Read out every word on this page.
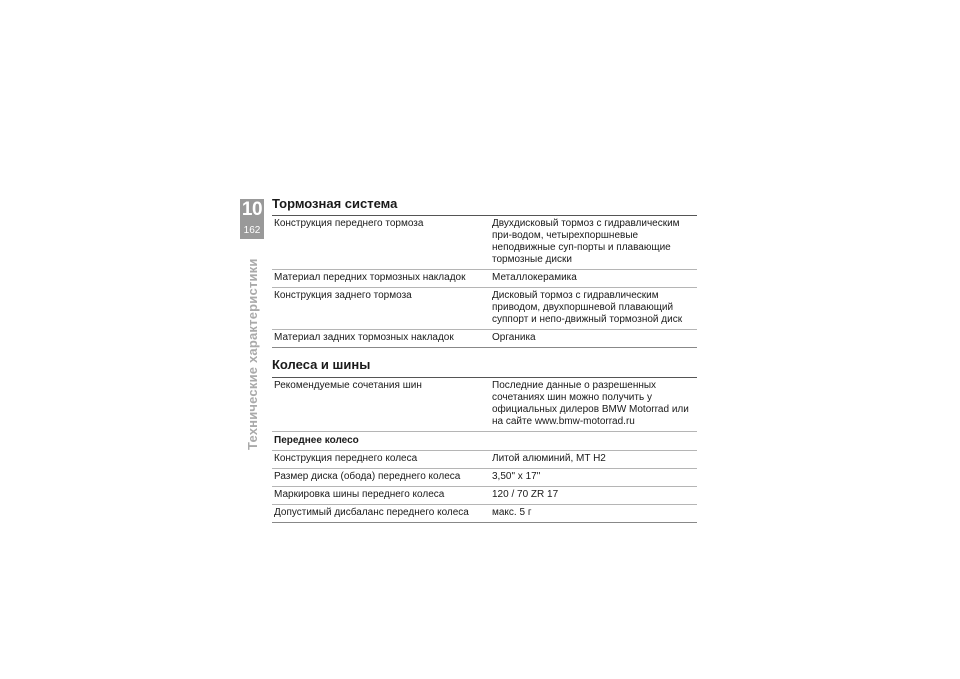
10
162
Технические характеристики
Тормозная система
Конструкция переднего тормоза	Двухдисковый тормоз с гидравлическим при-водом, четырехпоршневые неподвижные суп-порты и плавающие тормозные диски
Материал передних тормозных накладок	Металлокерамика
Конструкция заднего тормоза	Дисковый тормоз с гидравлическим приводом, двухпоршневой плавающий суппорт и непо-движный тормозной диск
Материал задних тормозных накладок	Органика
Колеса и шины
Рекомендуемые сочетания шин	Последние данные о разрешенных сочетаниях шин можно получить у официальных дилеров BMW Motorrad или на сайте www.bmw-motorrad.ru
Переднее колесо	
Конструкция переднего колеса	Литой алюминий, MT H2
Размер диска (обода) переднего колеса	3,50" x 17"
Маркировка шины переднего колеса	120 / 70 ZR 17
Допустимый дисбаланс переднего колеса	макс. 5 г
